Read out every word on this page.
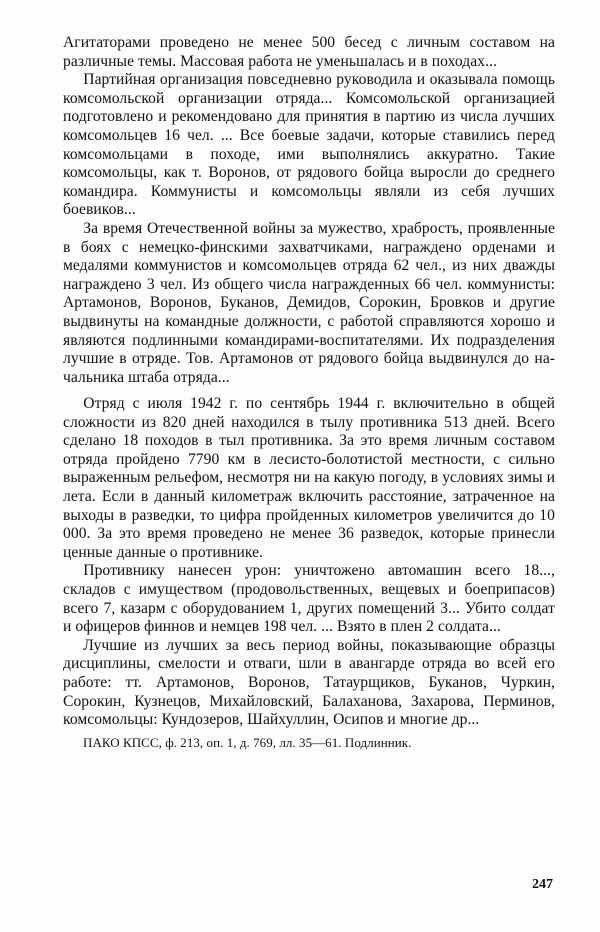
Агитаторами проведено не менее 500 бесед с личным составом на различные темы. Массовая работа не уменьшалась и в походах...

Партийная организация повседневно руководила и оказывала помощь комсомольской организации отряда... Комсомольской организацией подготовлено и рекомендовано для принятия в партию из числа лучших комсомольцев 16 чел. ... Все боевые задачи, которые ставились перед комсомольцами в походе, ими выполнялись аккуратно. Такие комсомольцы, как т. Воронов, от рядового бойца выросли до среднего командира. Коммунисты и комсомольцы являли из себя лучших боевиков...

За время Отечественной войны за мужество, храбрость, проявленные в боях с немецко-финскими захватчиками, награждено орденами и медалями коммунистов и комсомольцев отряда 62 чел., из них дважды награждено 3 чел. Из общего числа награжденных 66 чел. коммунисты: Артамонов, Воронов, Буканов, Демидов, Сорокин, Бровков и другие выдвинуты на командные должности, с работой справляются хорошо и являются подлинными командирами-воспитателями. Их подразделения лучшие в отряде. Тов. Артамонов от рядового бойца выдвинулся до начальника штаба отряда...

Отряд с июля 1942 г. по сентябрь 1944 г. включительно в общей сложности из 820 дней находился в тылу противника 513 дней. Всего сделано 18 походов в тыл противника. За это время личным составом отряда пройдено 7790 км в лесисто-болотистой местности, с сильно выраженным рельефом, несмотря ни на какую погоду, в условиях зимы и лета. Если в данный километраж включить расстояние, затраченное на выходы в разведки, то цифра пройденных километров увеличится до 10 000. За это время проведено не менее 36 разведок, которые принесли ценные данные о противнике.

Противнику нанесен урон: уничтожено автомашин всего 18..., складов с имуществом (продовольственных, вещевых и боеприпасов) всего 7, казарм с оборудованием 1, других помещений 3... Убито солдат и офицеров финнов и немцев 198 чел. ... Взято в плен 2 солдата...

Лучшие из лучших за весь период войны, показывающие образцы дисциплины, смелости и отваги, шли в авангарде отряда во всей его работе: тт. Артамонов, Воронов, Татаурщиков, Буканов, Чуркин, Сорокин, Кузнецов, Михайловский, Балаханова, Захарова, Перминов, комсомольцы: Кундозеров, Шайхуллин, Осипов и многие др...

ПАКО КПСС, ф. 213, оп. 1, д. 769, лл. 35—61. Подлинник.
247
